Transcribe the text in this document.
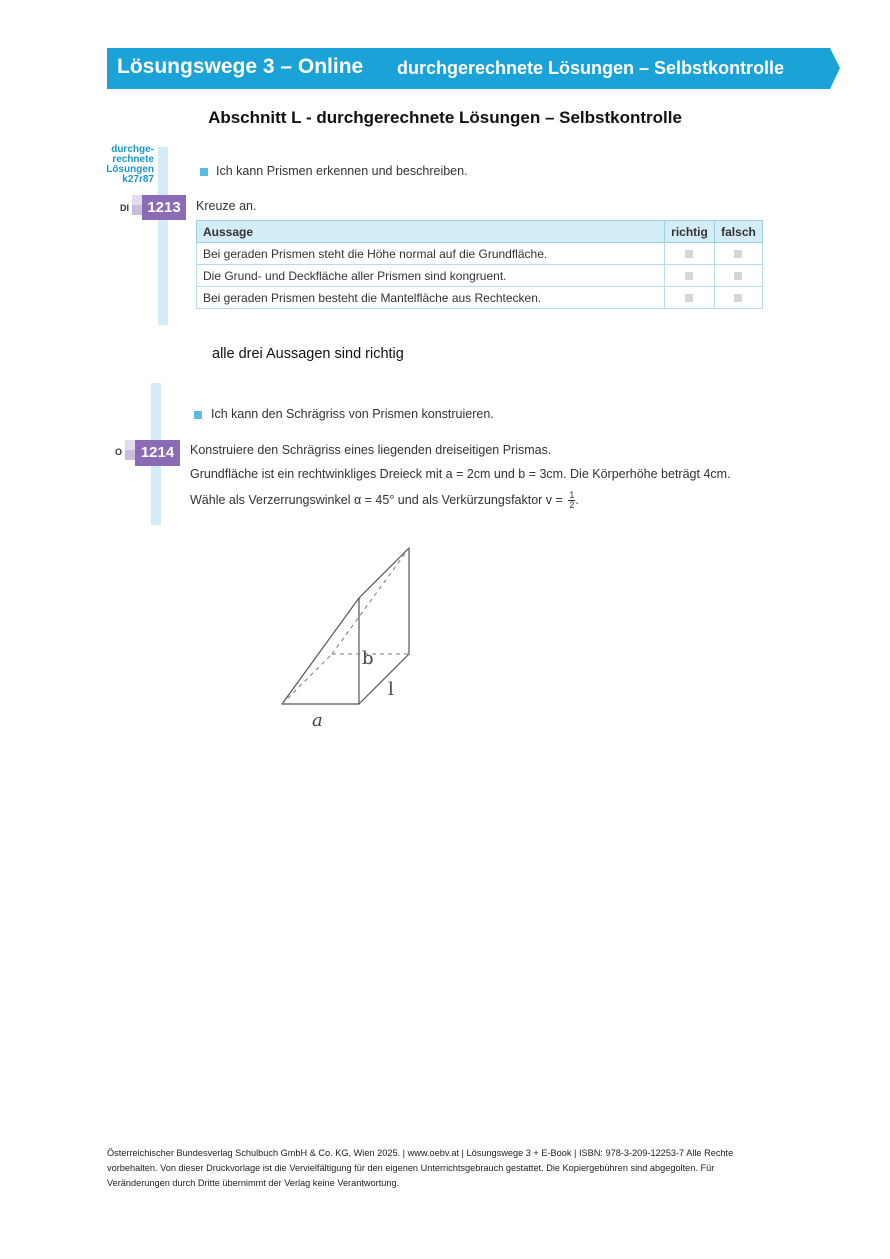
Lösungswege 3 – Online durchgerechnete Lösungen – Selbstkontrolle
Abschnitt L - durchgerechnete Lösungen – Selbstkontrolle
durchge-
rechnete
Lösungen
k27r87
Ich kann Prismen erkennen und beschreiben.
DI	1213	Kreuze an.
Aussage	richtig	falsch
Bei geraden Prismen steht die Höhe normal auf die Grundfläche.		
Die Grund- und Deckfläche aller Prismen sind kongruent.		
Bei geraden Prismen besteht die Mantelfläche aus Rechtecken.		
alle drei Aussagen sind richtig
Ich kann den Schrägriss von Prismen konstruieren.
O	1214	Konstruiere den Schrägriss eines liegenden dreiseitigen Prismas.
Grundfläche ist ein rechtwinkliges Dreieck mit a = 2cm und b = 3cm. Die Körperhöhe beträgt 4cm.
Wähle als Verzerrungswinkel α = 45° und als Verkürzungsfaktor $v = \frac{1}{2}$ .
b
l
a
Österreichischer Bundesverlag Schulbuch GmbH & Co. KG, Wien 2025. | www.oebv.at | Lösungswege 3 + E-Book | ISBN: 978-3-209-12253-7 Alle Rechte vorbehalten. Von dieser Druckvorlage ist die Vervielfältigung für den eigenen Unterrichtsgebrauch gestattet. Die Kopiergebühren sind abgegolten. Für Veränderungen durch Dritte übernimmt der Verlag keine Verantwortung.
